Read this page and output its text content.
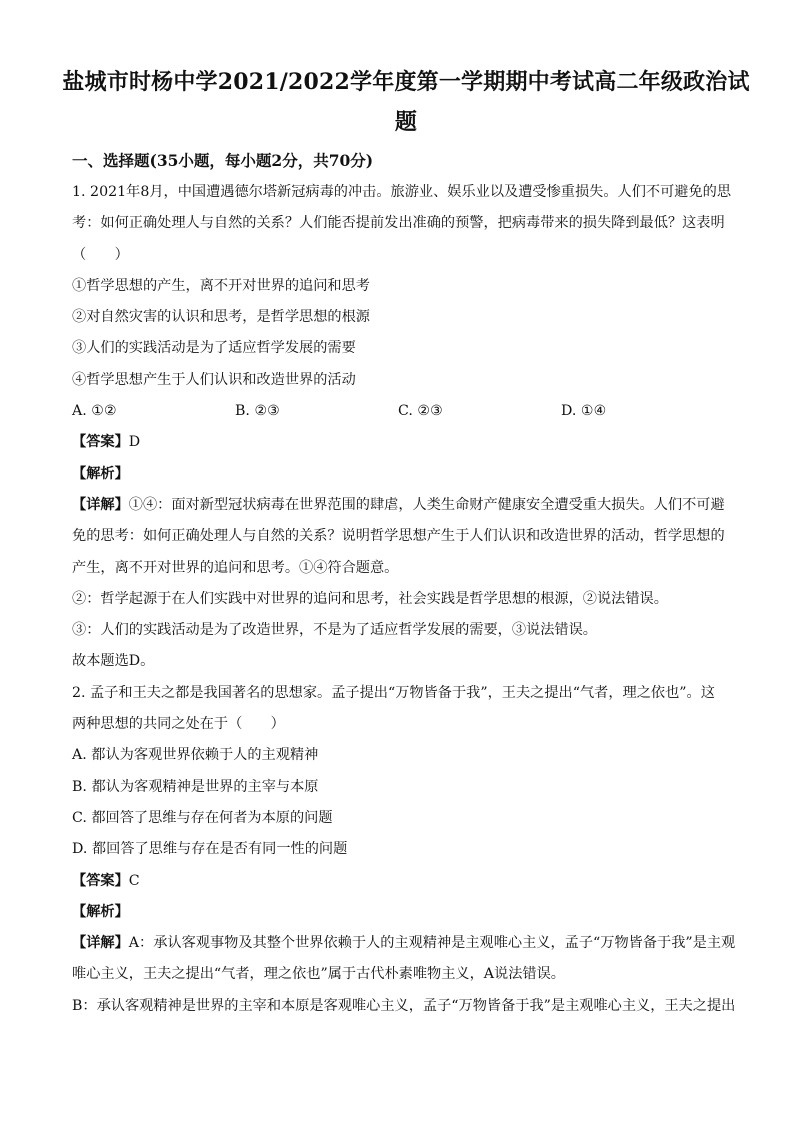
盐城市时杨中学2021/2022学年度第一学期期中考试高二年级政治试
题
一、选择题(35小题，每小题2分，共70分)
1. 2021年8月，中国遭遇德尔塔新冠病毒的冲击。旅游业、娱乐业以及遭受惨重损失。人们不可避免的思
考：如何正确处理人与自然的关系？人们能否提前发出准确的预警，把病毒带来的损失降到最低？这表明
（　　）
①哲学思想的产生，离不开对世界的追问和思考
②对自然灾害的认识和思考，是哲学思想的根源
③人们的实践活动是为了适应哲学发展的需要
④哲学思想产生于人们认识和改造世界的活动
A. ①②	B. ②③	C. ②③	D. ①④
【答案】D
【解析】
【详解】①④：面对新型冠状病毒在世界范围的肆虐，人类生命财产健康安全遭受重大损失。人们不可避
免的思考：如何正确处理人与自然的关系？说明哲学思想产生于人们认识和改造世界的活动，哲学思想的
产生，离不开对世界的追问和思考。①④符合题意。
②：哲学起源于在人们实践中对世界的追问和思考，社会实践是哲学思想的根源，②说法错误。
③：人们的实践活动是为了改造世界，不是为了适应哲学发展的需要，③说法错误。
故本题选D。
2. 孟子和王夫之都是我国著名的思想家。孟子提出“万物皆备于我”，王夫之提出“气者，理之依也”。这
两种思想的共同之处在于（　　）
A. 都认为客观世界依赖于人的主观精神
B. 都认为客观精神是世界的主宰与本原
C. 都回答了思维与存在何者为本原的问题
D. 都回答了思维与存在是否有同一性的问题
【答案】C
【解析】
【详解】A：承认客观事物及其整个世界依赖于人的主观精神是主观唯心主义，孟子“万物皆备于我”是主观
唯心主义，王夫之提出“气者，理之依也”属于古代朴素唯物主义，A说法错误。
B：承认客观精神是世界的主宰和本原是客观唯心主义，孟子“万物皆备于我”是主观唯心主义，王夫之提出
